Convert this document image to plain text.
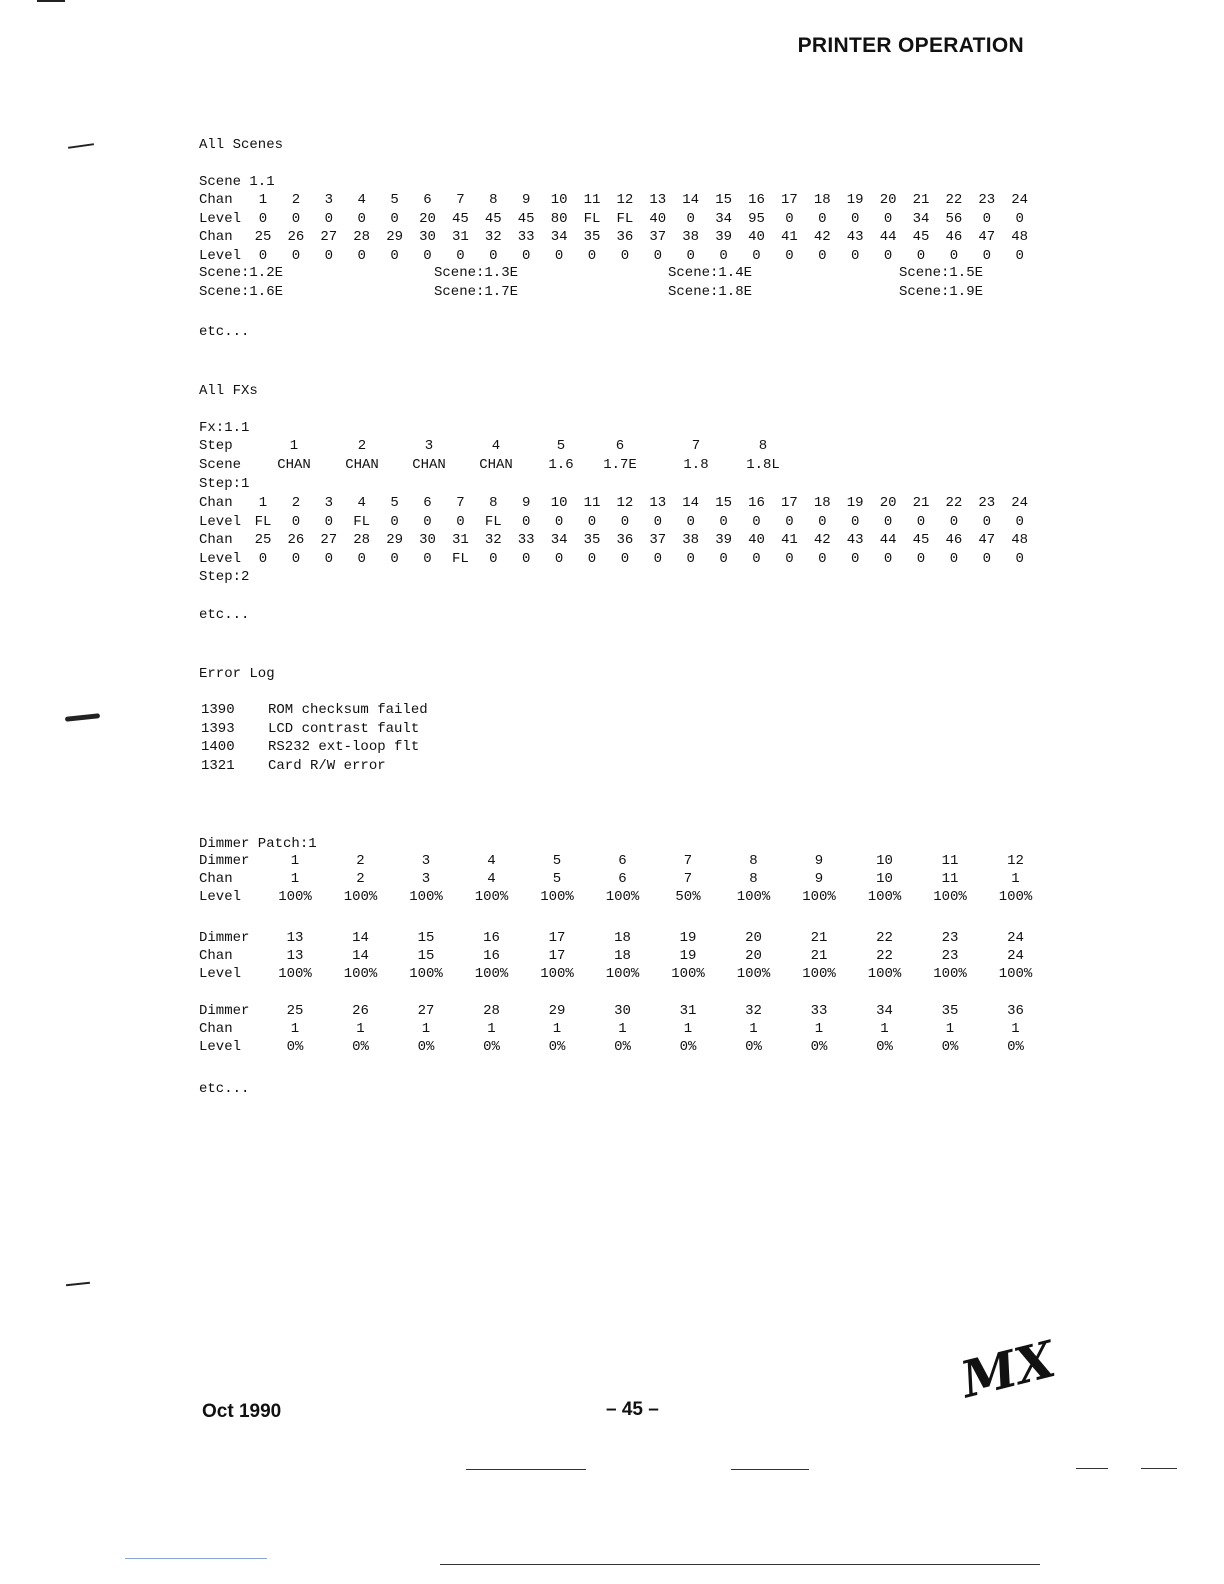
PRINTER OPERATION
All Scenes
Scene 1.1
Chan	1	2	3	4	5	6	7	8	9	10	11	12	13	14	15	16	17	18	19	20	21	22	23	24
Level	0	0	0	0	0	20	45	45	45	80	FL	FL	40	0	34	95	0	0	0	0	34	56	0	0
Chan	25	26	27	28	29	30	31	32	33	34	35	36	37	38	39	40	41	42	43	44	45	46	47	48
Level	0	0	0	0	0	0	0	0	0	0	0	0	0	0	0	0	0	0	0	0	0	0	0	0
Scene:1.2E	Scene:1.3E	Scene:1.4E	Scene:1.5E
Scene:1.6E	Scene:1.7E	Scene:1.8E	Scene:1.9E
etc...
All FXs
Fx:1.1
Step	1	2	3	4	5	6	7	8
Scene	CHAN	CHAN	CHAN	CHAN	1.6	1.7E	1.8	1.8L
Step:1
Chan	1	2	3	4	5	6	7	8	9	10	11	12	13	14	15	16	17	18	19	20	21	22	23	24
Level FL	0	0	FL	0	0	0	FL	0	0	0	0	0	0	0	0	0	0	0	0	0	0	0	0
Chan	25	26	27	28	29	30	31	32	33	34	35	36	37	38	39	40	41	42	43	44	45	46	47	48
Level	0	0	0	0	0	0	FL	0	0	0	0	0	0	0	0	0	0	0	0	0	0	0	0	0
Step:2
etc...
Error Log
1390 ROM checksum failed
1393 LCD contrast fault
1400 RS232 ext-loop flt
1321 Card R/W error
Dimmer Patch:1
Dimmer	1	2	3	4	5	6	7	8	9	10	11	12
Chan	1	2	3	4	5	6	7	8	9	10	11	1
Level	100% 100% 100% 100% 100% 100%	50%	100% 100% 100% 100% 100%
Dimmer	13	14	15	16	17	18	19	20	21	22	23	24
Chan	13	14	15	16	17	18	19	20	21	22	23	24
Level	100% 100% 100% 100% 100% 100% 100% 100% 100% 100% 100% 100%
Dimmer	25	26	27	28	29	30	31	32	33	34	35	36
Chan	1	1	1	1	1	1	1	1	1	1	1	1
Level	0%	0%	0%	0%	0%	0%	0%	0%	0%	0%	0%	0%
etc...
Oct 1990	– 45 –
MX
